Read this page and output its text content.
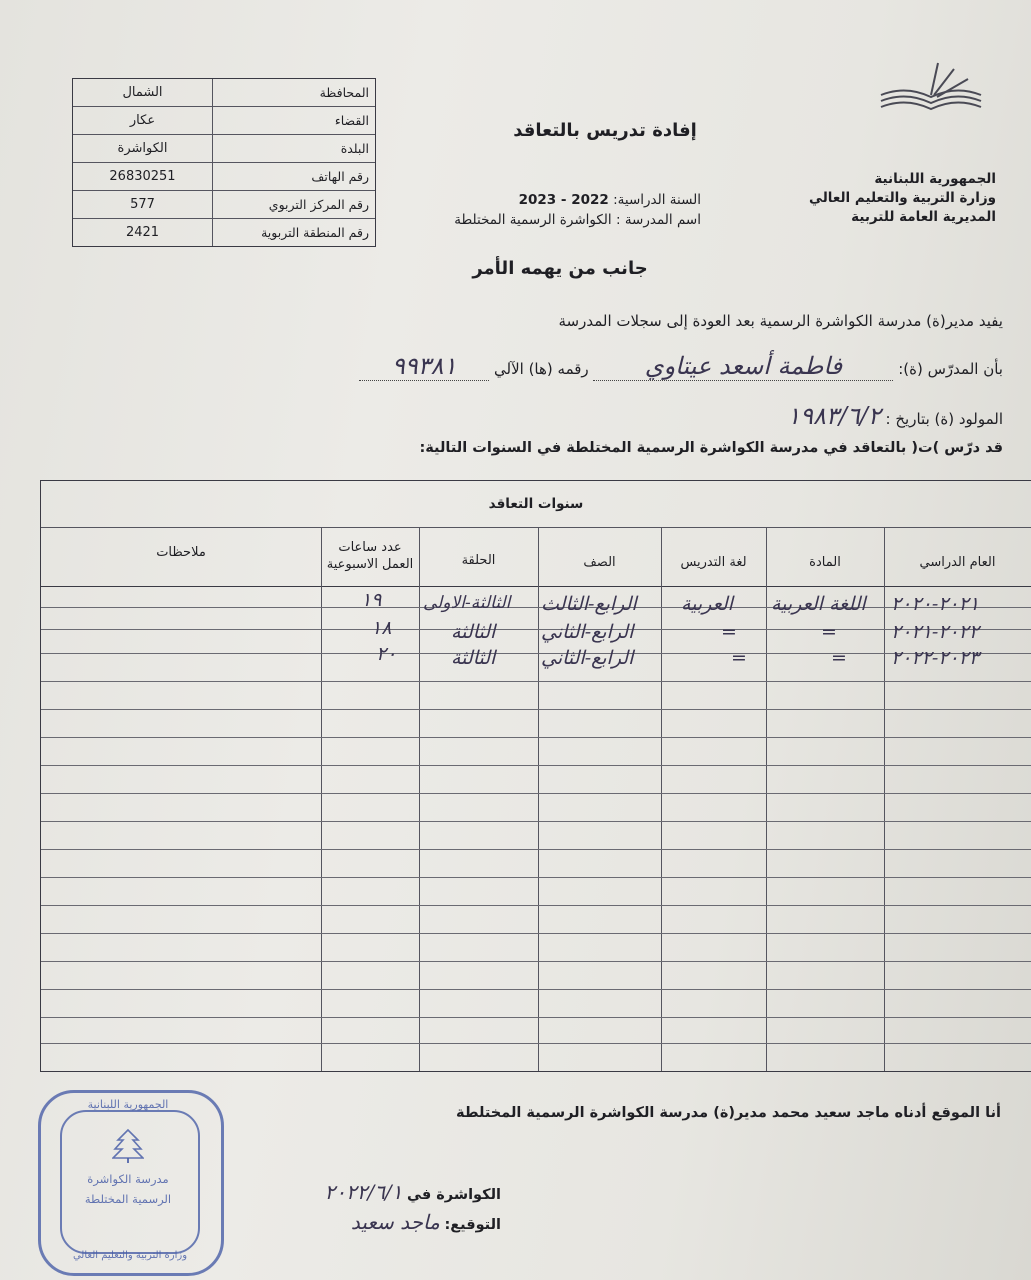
الجمهورية اللبنانية
وزارة التربية والتعليم العالي
المديرية العامة للتربية
إفادة تدريس بالتعاقد
السنة الدراسية: 2022 - 2023
اسم المدرسة : الكواشرة الرسمية المختلطة
المحافظة
الشمال
القضاء
عكار
البلدة
الكواشرة
رقم الهاتف
26830251
رقم المركز التربوي
577
رقم المنطقة التربوية
2421
جانب من يهمه الأمر
يفيد مدير(ة) مدرسة الكواشرة الرسمية بعد العودة إلى سجلات المدرسة
بأن المدرّس (ة): فاطمة أسعد عيتاوي رقمه (ها) الآلي ٩٩٣٨١
المولود (ة) بتاريخ : ١٩٨٣/٦/٢
قد درّس )ت( بالتعاقد في مدرسة الكواشرة الرسمية المختلطة في السنوات التالية:
سنوات التعاقد
العام الدراسي
المادة
لغة التدريس
الصف
الحلقة
عدد ساعات العمل الاسبوعية
ملاحظات
٢٠٢١-٢٠٢٠
اللغة العربية
العربية
الرابع-الثالث
الثالثة-الاولى
١٩
٢٠٢٢-٢٠٢١
=
=
الرابع-الثاني
الثالثة
١٨
٢٠٢٣-٢٠٢٢
=
=
الرابع-الثاني
الثالثة
٢٠
أنا الموقع أدناه ماجد سعيد محمد مدير(ة) مدرسة الكواشرة الرسمية المختلطة
الكواشرة في ٢٠٢٢/٦/١
التوقيع: ماجد سعيد
الجمهورية اللبنانية
مدرسة الكواشرة
الرسمية المختلطة
وزارة التربية والتعليم العالي
